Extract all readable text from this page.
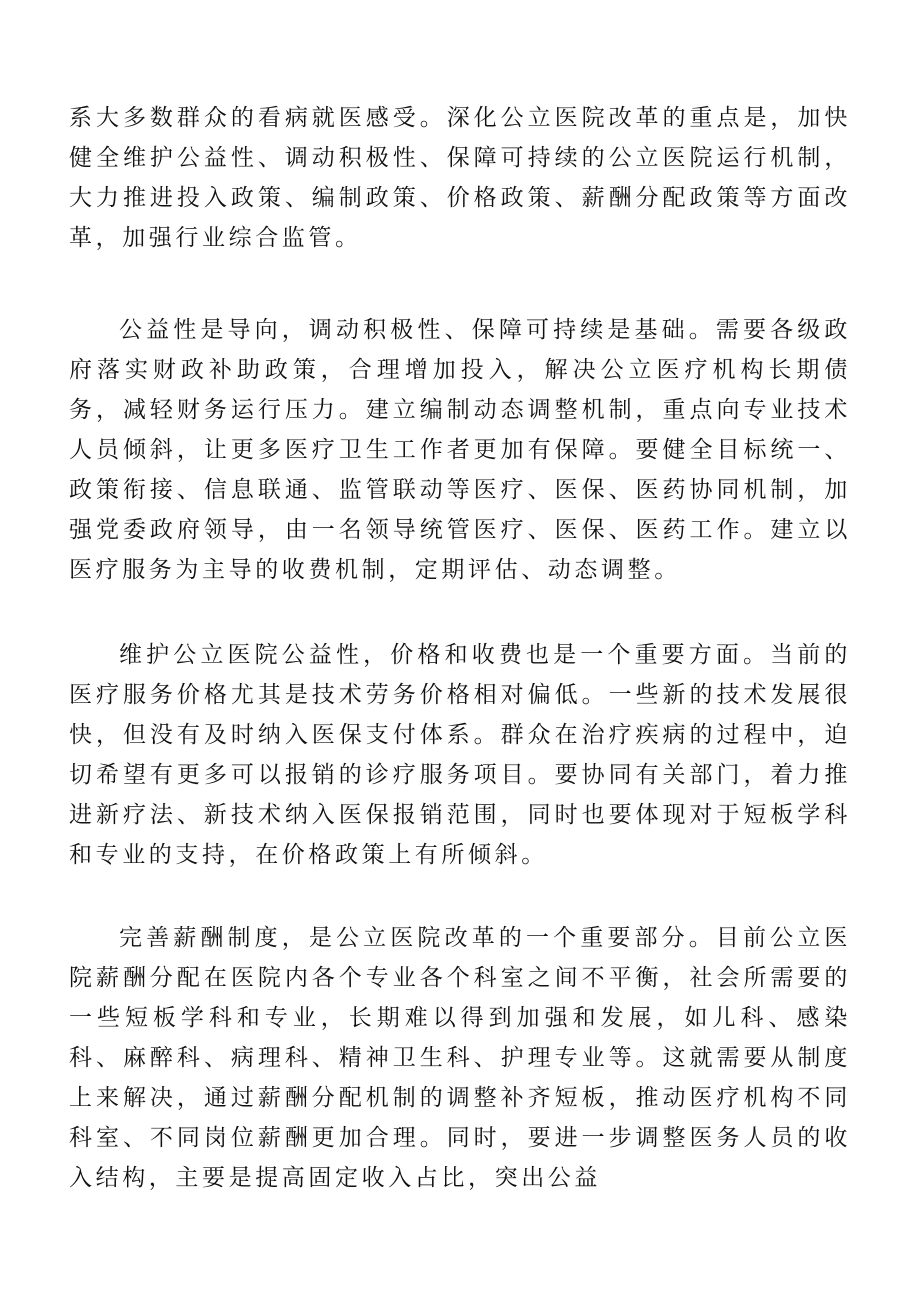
系大多数群众的看病就医感受。深化公立医院改革的重点是，加快健全维护公益性、调动积极性、保障可持续的公立医院运行机制，大力推进投入政策、编制政策、价格政策、薪酬分配政策等方面改革，加强行业综合监管。

公益性是导向，调动积极性、保障可持续是基础。需要各级政府落实财政补助政策，合理增加投入，解决公立医疗机构长期债务，减轻财务运行压力。建立编制动态调整机制，重点向专业技术人员倾斜，让更多医疗卫生工作者更加有保障。要健全目标统一、政策衔接、信息联通、监管联动等医疗、医保、医药协同机制，加强党委政府领导，由一名领导统管医疗、医保、医药工作。建立以医疗服务为主导的收费机制，定期评估、动态调整。

维护公立医院公益性，价格和收费也是一个重要方面。当前的医疗服务价格尤其是技术劳务价格相对偏低。一些新的技术发展很快，但没有及时纳入医保支付体系。群众在治疗疾病的过程中，迫切希望有更多可以报销的诊疗服务项目。要协同有关部门，着力推进新疗法、新技术纳入医保报销范围，同时也要体现对于短板学科和专业的支持，在价格政策上有所倾斜。

完善薪酬制度，是公立医院改革的一个重要部分。目前公立医院薪酬分配在医院内各个专业各个科室之间不平衡，社会所需要的一些短板学科和专业，长期难以得到加强和发展，如儿科、感染科、麻醉科、病理科、精神卫生科、护理专业等。这就需要从制度上来解决，通过薪酬分配机制的调整补齐短板，推动医疗机构不同科室、不同岗位薪酬更加合理。同时，要进一步调整医务人员的收入结构，主要是提高固定收入占比，突出公益
